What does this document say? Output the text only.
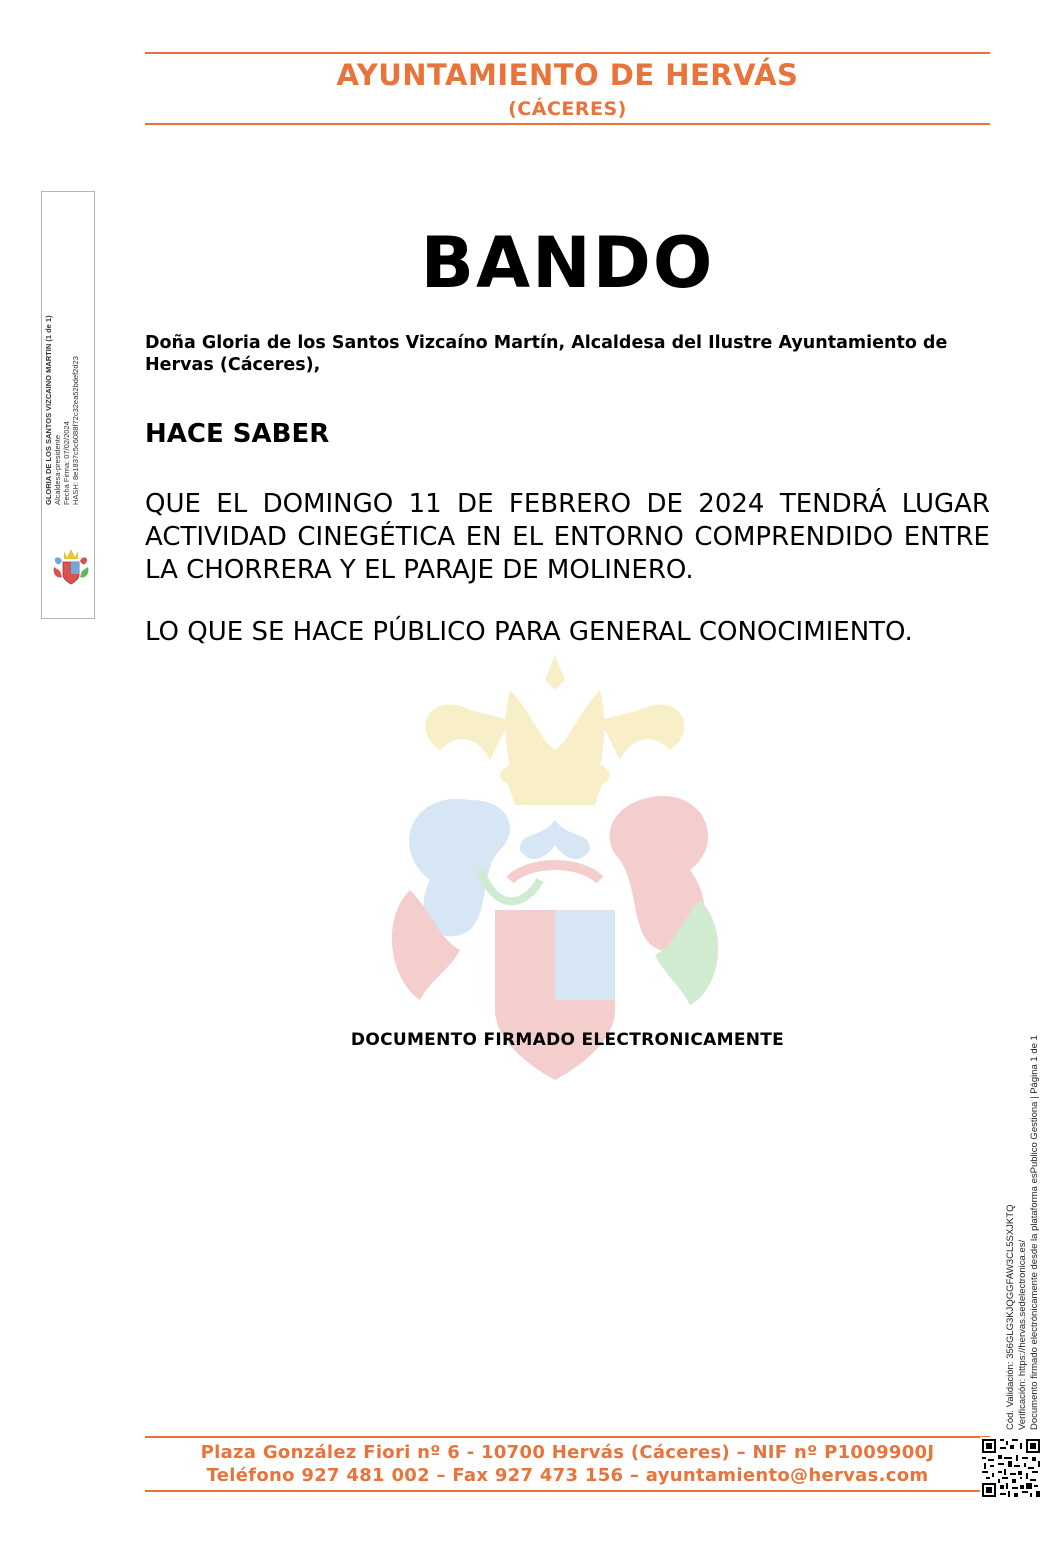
AYUNTAMIENTO DE HERVÁS
(CÁCERES)
GLORIA DE LOS SANTOS VIZCAINO MARTIN (1 de 1) Alcaldesa-presidente Fecha Firma: 07/02/2024 HASH: 8e1837c5c6088f72c32ea52bdef2d23
BANDO
Doña Gloria de los Santos Vizcaíno Martín, Alcaldesa del Ilustre Ayuntamiento de Hervas (Cáceres),
HACE SABER
QUE EL DOMINGO 11 DE FEBRERO DE 2024 TENDRÁ LUGAR ACTIVIDAD CINEGÉTICA EN EL ENTORNO COMPRENDIDO ENTRE LA CHORRERA Y EL PARAJE DE MOLINERO.
LO QUE SE HACE PÚBLICO PARA GENERAL CONOCIMIENTO.
DOCUMENTO FIRMADO ELECTRONICAMENTE
Cód. Validación: 356GLG3KJQGGFAW3CL5SXJKTQ Verificación: https://hervas.sedelectronica.es/ Documento firmado electrónicamente desde la plataforma esPublico Gestiona | Página 1 de 1
Plaza González Fiori nº 6 - 10700 Hervás (Cáceres) – NIF nº P1009900J
Teléfono 927 481 002 – Fax 927 473 156 – ayuntamiento@hervas.com
